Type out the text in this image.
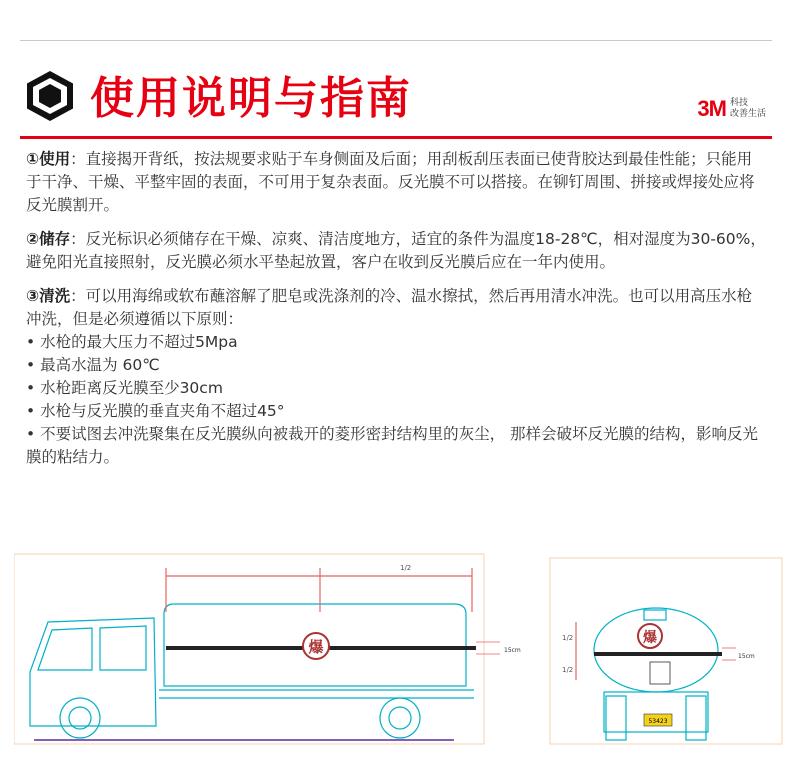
使用说明与指南	3M 科技
改善生活

①使用：直接揭开背纸，按法规要求贴于车身侧面及后面；用刮板刮压表面已使背胶达到最佳性能；只能用于干净、干燥、平整牢固的表面，不可用于复杂表面。反光膜不可以搭接。在铆钉周围、拼接或焊接处应将反光膜割开。

②储存：反光标识必须储存在干燥、凉爽、清洁度地方，适宜的条件为温度18-28℃，相对湿度为30-60%，避免阳光直接照射，反光膜必须水平垫起放置，客户在收到反光膜后应在一年内使用。

③清洗：可以用海绵或软布蘸溶解了肥皂或洗涤剂的冷、温水擦拭，然后再用清水冲洗。也可以用高压水枪冲洗，但是必须遵循以下原则：

• 水枪的最大压力不超过5Mpa

• 最高水温为 60℃

• 水枪距离反光膜至少30cm

• 水枪与反光膜的垂直夹角不超过45°

• 不要试图去冲洗聚集在反光膜纵向被裁开的菱形密封结构里的灰尘， 那样会破坏反光膜的结构，影响反光膜的粘结力。

1/2
15cm
爆	1/2
1/2
15cm
爆
53423
